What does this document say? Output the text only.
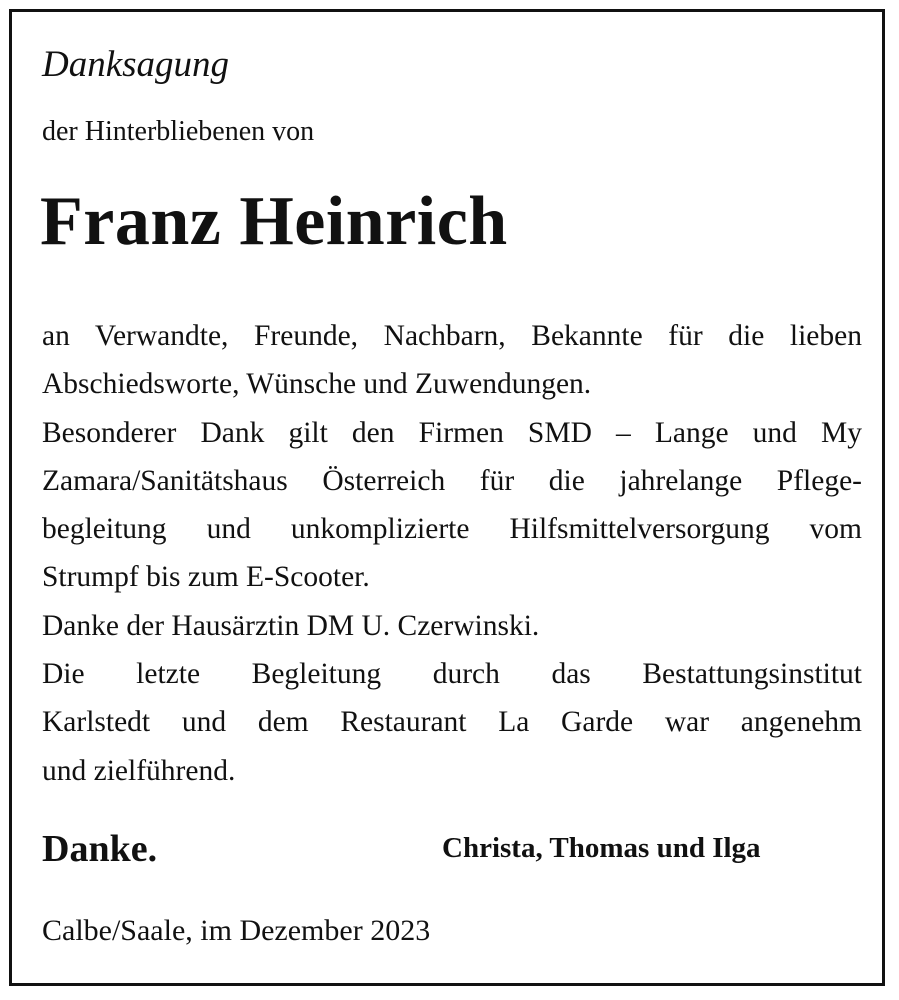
Danksagung
der Hinterbliebenen von
Franz Heinrich
an Verwandte, Freunde, Nachbarn, Bekannte für die lieben
Abschiedsworte, Wünsche und Zuwendungen.
Besonderer Dank gilt den Firmen SMD – Lange und My
Zamara/Sanitätshaus Österreich für die jahrelange Pflege-
begleitung und unkomplizierte Hilfsmittelversorgung vom
Strumpf bis zum E-Scooter.
Danke der Hausärztin DM U. Czerwinski.
Die letzte Begleitung durch das Bestattungsinstitut
Karlstedt und dem Restaurant La Garde war angenehm
und zielführend.
Danke.	Christa, Thomas und Ilga
Calbe/Saale, im Dezember 2023
